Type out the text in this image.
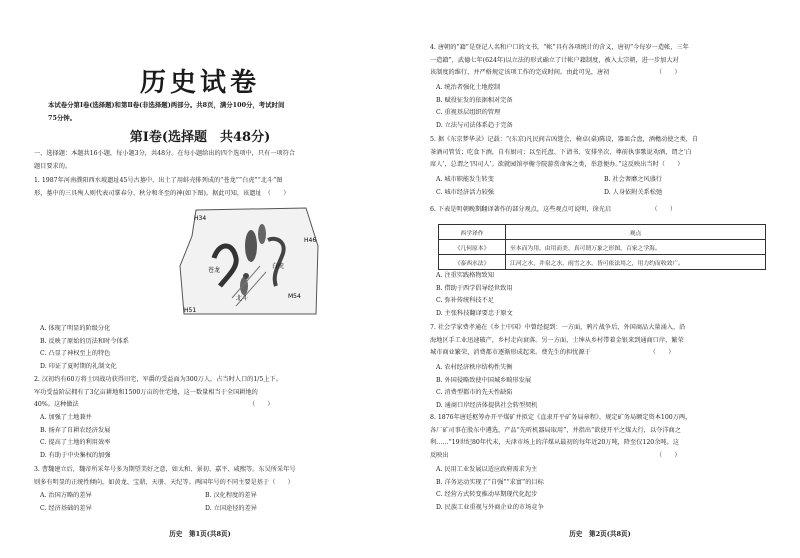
历史试卷
本试卷分第Ⅰ卷(选择题)和第Ⅱ卷(非选择题)两部分。共8页，满分100分，考试时间
75分钟。
第Ⅰ卷(选择题　共48分)
一、选择题：本题共16小题，每小题3分，共48分。在每小题给出的四个选项中，只有一项符合
题目要求的。
1. 1987年河南濮阳西水坡遗址45号古墓中，出土了用蚌壳排列成的“苍龙”“白虎”“北斗”图
形，墓中的三具殉人则代表司掌春分、秋分和冬至的神(如下图)。据此可知，该遗址　（　　）
H34
H46
M54
H51
苍龙
白虎
北斗
A. 体现了明显的阶级分化
B. 反映了原始的历法和时令体系
C. 凸显了神权至上的特色
D. 印证了夏时期的礼制文化
2. 汉初约有60万将士因战功获得田宅，军爵的受益面为300万人，占当时人口的1/5上下。
军功受益阶层拥有了3亿亩耕地和1500万亩的住宅地，这一数量相当于全国耕地的
40%。这种做法　　　　　　　　　　　　　　　　　　　　　　　　　　　　（　　）
A. 加强了土地兼并
B. 扬弃了自耕农经济发展
C. 提高了土地的利用效率
D. 有助于中央集权的加强
3. 曹魏建立后，魏帝所采年号多为期望美好之意，如太和、景初、嘉平、咸熙等。东吴所采年号
则多有明显的正统性倾向，如黄龙、宝鼎、天册、天纪等。两国年号的不同主要是基于（　　）
A. 治国方略的差异	B. 汉化程度的差异
C. 经济基础的差异	D. 立国途径的差异
历史　第1页(共8页)
4. 唐朝的“籍”是登记人名和户口的文书，“帐”具有各项统计的含义，唐初“今每岁一造帐，三年
一造籍”，武德七年(624年)以立法的形式确立了计帐户籍制度，被入太宗朝，进一步加大对
该制度的维行，并严格规定该项工作的完成时间。由此可见，唐初　　　　　　　　（　　）
A. 统治者强化土地控制
B. 赋役征发的依据相对完备
C. 重视基层组织的管理
D. 立法与司法体系趋于完备
5. 据《东京梦华录》记载：“(东京)凡民间吉凶筵会，椅卓(桌)陈设，器皿合盘，酒檐动使之类，自
茶酒司管赁；吃食下酒，自有厨司；以至托盘、下请书、安排坐次、尊前执事歌说劝酒，谓之‘白
席人’，总谓之‘四司人’。欲就园馆亭榭寺院游赏命客之类，举意便办。”这反映出当时（　　）
A. 城市职能发生转变	B. 社会奢靡之风盛行
C. 城市经济活力较强	D. 人身依附关系松弛
6. 下表是明朝晚期翻译著作的部分观点，这些观点可说明，徐光启　　　　　　　（　　）
西学译作	观点
《几何原本》	至本而为用，由用而美，真可谓万象之形图，百家之学海。
《泰西水法》	江河之水，井泉之水，雨雪之水，皆可依法用之，用力约而收效广。
A. 注重实践格物致知
B. 借助于西学倡导经世致用
C. 弥补传统科技不足
D. 主张科技翻译要忠于原文
7. 社会学家费孝通在《乡土中国》中曾经提到：一方面，鸦片战争后，外国商品大量涌入，沿
海地区手工业迅速破产，乡村走向衰落。另一方面，土绅从乡村带着金银来到通商口岸，繁荣
城市商业繁荣，消费都市逐渐形成起来。费先生的担忧源于　　　　　　　　　　（　　）
A. 农村经济秩序结构性失衡
B. 外国侵略致使中国城乡畸形发展
C. 消费型都市的先天性缺陷
D. 通商口岸经济体提供社会转型契机
8. 1876年唐廷枢筹办开平煤矿并拟定《直隶开平矿务局章程》，规定矿务局额定资本100万两，
各厂矿司事在股东中遴选，产品“先听机器局取用”，并指出“欲使开平之煤大行，以夺洋商之
利……”19世纪80年代末，天津市场上的洋煤从最初的每年近20万吨，降至仅120余吨。这
反映出　　　　　　　　　　　　　　　　　　　　　　　　　　　　　　　　　　（　　）
A. 民用工业发展以适应政府需求为主
B. 洋务运动实现了“自强”“求富”的目标
C. 经营方式转变推动早期现代化起步
D. 民族工业重视与外商企业的市场竞争
历史　第2页(共8页)
